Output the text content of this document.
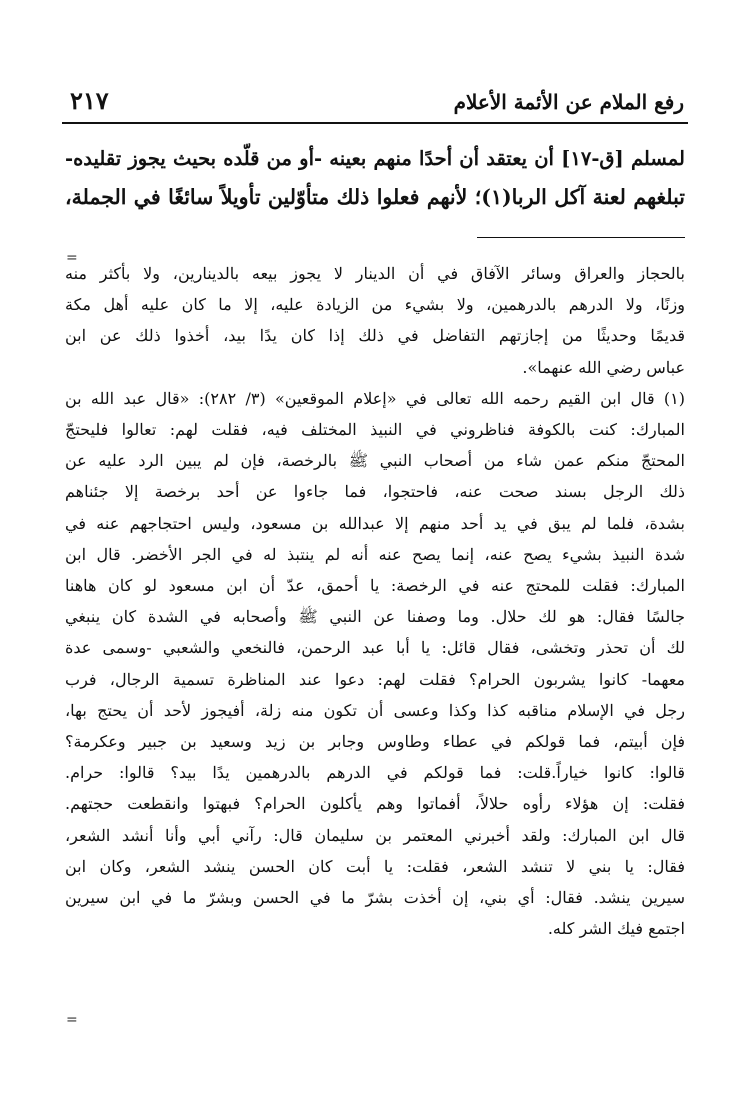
٢١٧	رفع الملام عن الأئمة الأعلام
لمسلم [ق-١٧] أن يعتقد أن أحدًا منهم بعينه -أو من قلّده بحيث يجوز تقليده-
تبلغهم لعنة آكل الربا(١)؛ لأنهم فعلوا ذلك متأوّلين تأويلاً سائغًا في الجملة،
=
بالحجاز والعراق وسائر الآفاق في أن الدينار لا يجوز بيعه بالدينارين، ولا بأكثر منه
وزنًا، ولا الدرهم بالدرهمين، ولا بشيء من الزيادة عليه، إلا ما كان عليه أهل مكة
قديمًا وحديثًا من إجازتهم التفاضل في ذلك إذا كان يدًا بيد، أخذوا ذلك عن ابن
عباس رضي الله عنهما».
(١) قال ابن القيم رحمه الله تعالى في «إعلام الموقعين» (٣/ ٢٨٢): «قال عبد الله بن
المبارك: كنت بالكوفة فناظروني في النبيذ المختلف فيه، فقلت لهم: تعالوا فليحتجّ
المحتجّ منكم عمن شاء من أصحاب النبي ﷺ بالرخصة، فإن لم يبين الرد عليه عن
ذلك الرجل بسند صحت عنه، فاحتجوا، فما جاءوا عن أحد برخصة إلا جئناهم
بشدة، فلما لم يبق في يد أحد منهم إلا عبدالله بن مسعود، وليس احتجاجهم عنه في
شدة النبيذ بشيء يصح عنه، إنما يصح عنه أنه لم ينتبذ له في الجر الأخضر. قال ابن
المبارك: فقلت للمحتج عنه في الرخصة: يا أحمق، عدّ أن ابن مسعود لو كان هاهنا
جالسًا فقال: هو لك حلال. وما وصفنا عن النبي ﷺ وأصحابه في الشدة كان ينبغي
لك أن تحذر وتخشى، فقال قائل: يا أبا عبد الرحمن، فالنخعي والشعبي -وسمى عدة
معهما- كانوا يشربون الحرام؟ فقلت لهم: دعوا عند المناظرة تسمية الرجال، فرب
رجل في الإسلام مناقبه كذا وكذا وعسى أن تكون منه زلة، أفيجوز لأحد أن يحتج بها،
فإن أبيتم، فما قولكم في عطاء وطاوس وجابر بن زيد وسعيد بن جبير وعكرمة؟
قالوا: كانوا خياراً.قلت: فما قولكم في الدرهم بالدرهمين يدًا بيد؟ قالوا: حرام.
فقلت: إن هؤلاء رأوه حلالاً، أفماتوا وهم يأكلون الحرام؟ فبهتوا وانقطعت حجتهم.
قال ابن المبارك: ولقد أخبرني المعتمر بن سليمان قال: رآني أبي وأنا أنشد الشعر،
فقال: يا بني لا تنشد الشعر، فقلت: يا أبت كان الحسن ينشد الشعر، وكان ابن
سيرين ينشد. فقال: أي بني، إن أخذت بشرّ ما في الحسن وبشرّ ما في ابن سيرين
اجتمع فيك الشر كله.
=
